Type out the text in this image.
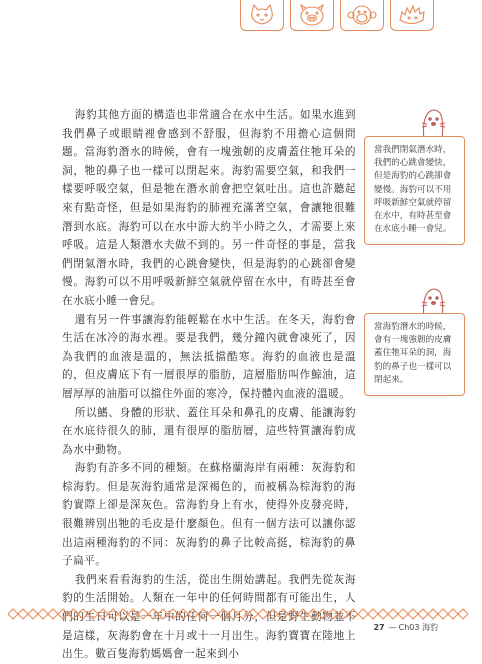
海豹其他方面的構造也非常適合在水中生活。如果水進到我們鼻子或眼睛裡會感到不舒服，但海豹不用擔心這個問題。當海豹潛水的時候，會有一塊強韌的皮膚蓋住牠耳朵的洞，牠的鼻子也一樣可以閉起來。海豹需要空氣，和我們一樣要呼吸空氣，但是牠在潛水前會把空氣吐出。這也許聽起來有點奇怪，但是如果海豹的肺裡充滿著空氣，會讓牠很難潛到水底。海豹可以在水中游大約半小時之久，才需要上來呼吸。這是人類潛水夫做不到的。另一件奇怪的事是，當我們閉氣潛水時，我們的心跳會變快，但是海豹的心跳卻會變慢。海豹可以不用呼吸新鮮空氣就停留在水中，有時甚至會在水底小睡一會兒。

還有另一件事讓海豹能輕鬆在水中生活。在冬天，海豹會生活在冰冷的海水裡。要是我們，幾分鐘內就會凍死了，因為我們的血液是溫的，無法抵擋酷寒。海豹的血液也是溫的，但皮膚底下有一層很厚的脂肪，這層脂肪叫作鯨油，這層厚厚的油脂可以擋住外面的寒冷，保持體內血液的溫暖。

所以鰭、身體的形狀、蓋住耳朵和鼻孔的皮膚、能讓海豹在水底待很久的肺，還有很厚的脂肪層，這些特質讓海豹成為水中動物。

海豹有許多不同的種類。在蘇格蘭海岸有兩種：灰海豹和棕海豹。但是灰海豹通常是深褐色的，而被稱為棕海豹的海豹實際上卻是深灰色。當海豹身上有水，使得外皮發亮時，很難辨別出牠的毛皮是什麼顏色。但有一個方法可以讓你認出這兩種海豹的不同：灰海豹的鼻子比較高挺，棕海豹的鼻子扁平。

我們來看看海豹的生活，從出生開始講起。我們先從灰海豹的生活開始。人類在一年中的任何時間都有可能出生，人們的生日可以是一年中的任何一個月分，但是野生動物並不是這樣，灰海豹會在十月或十一月出生。海豹寶寶在陸地上出生。數百隻海豹媽媽會一起來到小

當我們閉氣潛水時，我們的心跳會變快，但是海豹的心跳卻會變慢。海豹可以不用呼吸新鮮空氣就停留在水中，有時甚至會在水底小睡一會兒。
當海豹潛水的時候，會有一塊強韌的皮膚蓋住牠耳朵的洞，海豹的鼻子也一樣可以閉起來。
27 — Ch03 海豹
